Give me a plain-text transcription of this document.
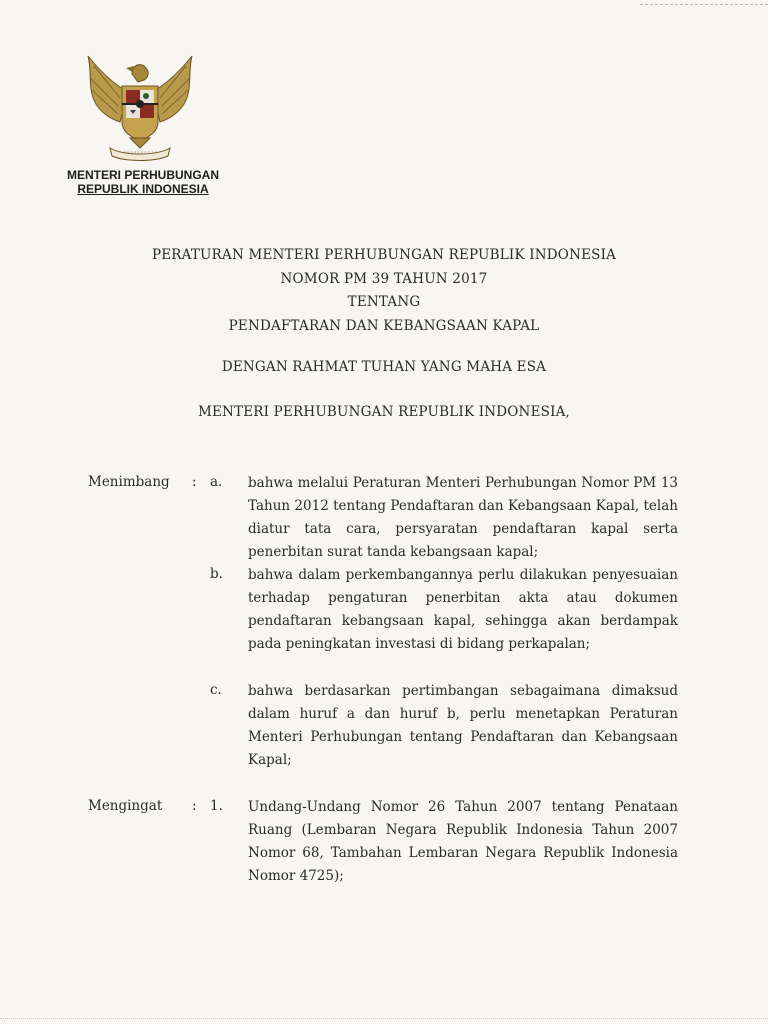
MENTERI PERHUBUNGAN
REPUBLIK INDONESIA
PERATURAN MENTERI PERHUBUNGAN REPUBLIK INDONESIA
NOMOR PM 39 TAHUN 2017
TENTANG
PENDAFTARAN DAN KEBANGSAAN KAPAL
DENGAN RAHMAT TUHAN YANG MAHA ESA
MENTERI PERHUBUNGAN REPUBLIK INDONESIA,
Menimbang : a. bahwa melalui Peraturan Menteri Perhubungan Nomor PM 13 Tahun 2012 tentang Pendaftaran dan Kebangsaan Kapal, telah diatur tata cara, persyaratan pendaftaran kapal serta penerbitan surat tanda kebangsaan kapal;
b. bahwa dalam perkembangannya perlu dilakukan penyesuaian terhadap pengaturan penerbitan akta atau dokumen pendaftaran kebangsaan kapal, sehingga akan berdampak pada peningkatan investasi di bidang perkapalan;
c. bahwa berdasarkan pertimbangan sebagaimana dimaksud dalam huruf a dan huruf b, perlu menetapkan Peraturan Menteri Perhubungan tentang Pendaftaran dan Kebangsaan Kapal;
Mengingat : 1. Undang-Undang Nomor 26 Tahun 2007 tentang Penataan Ruang (Lembaran Negara Republik Indonesia Tahun 2007 Nomor 68, Tambahan Lembaran Negara Republik Indonesia Nomor 4725);
